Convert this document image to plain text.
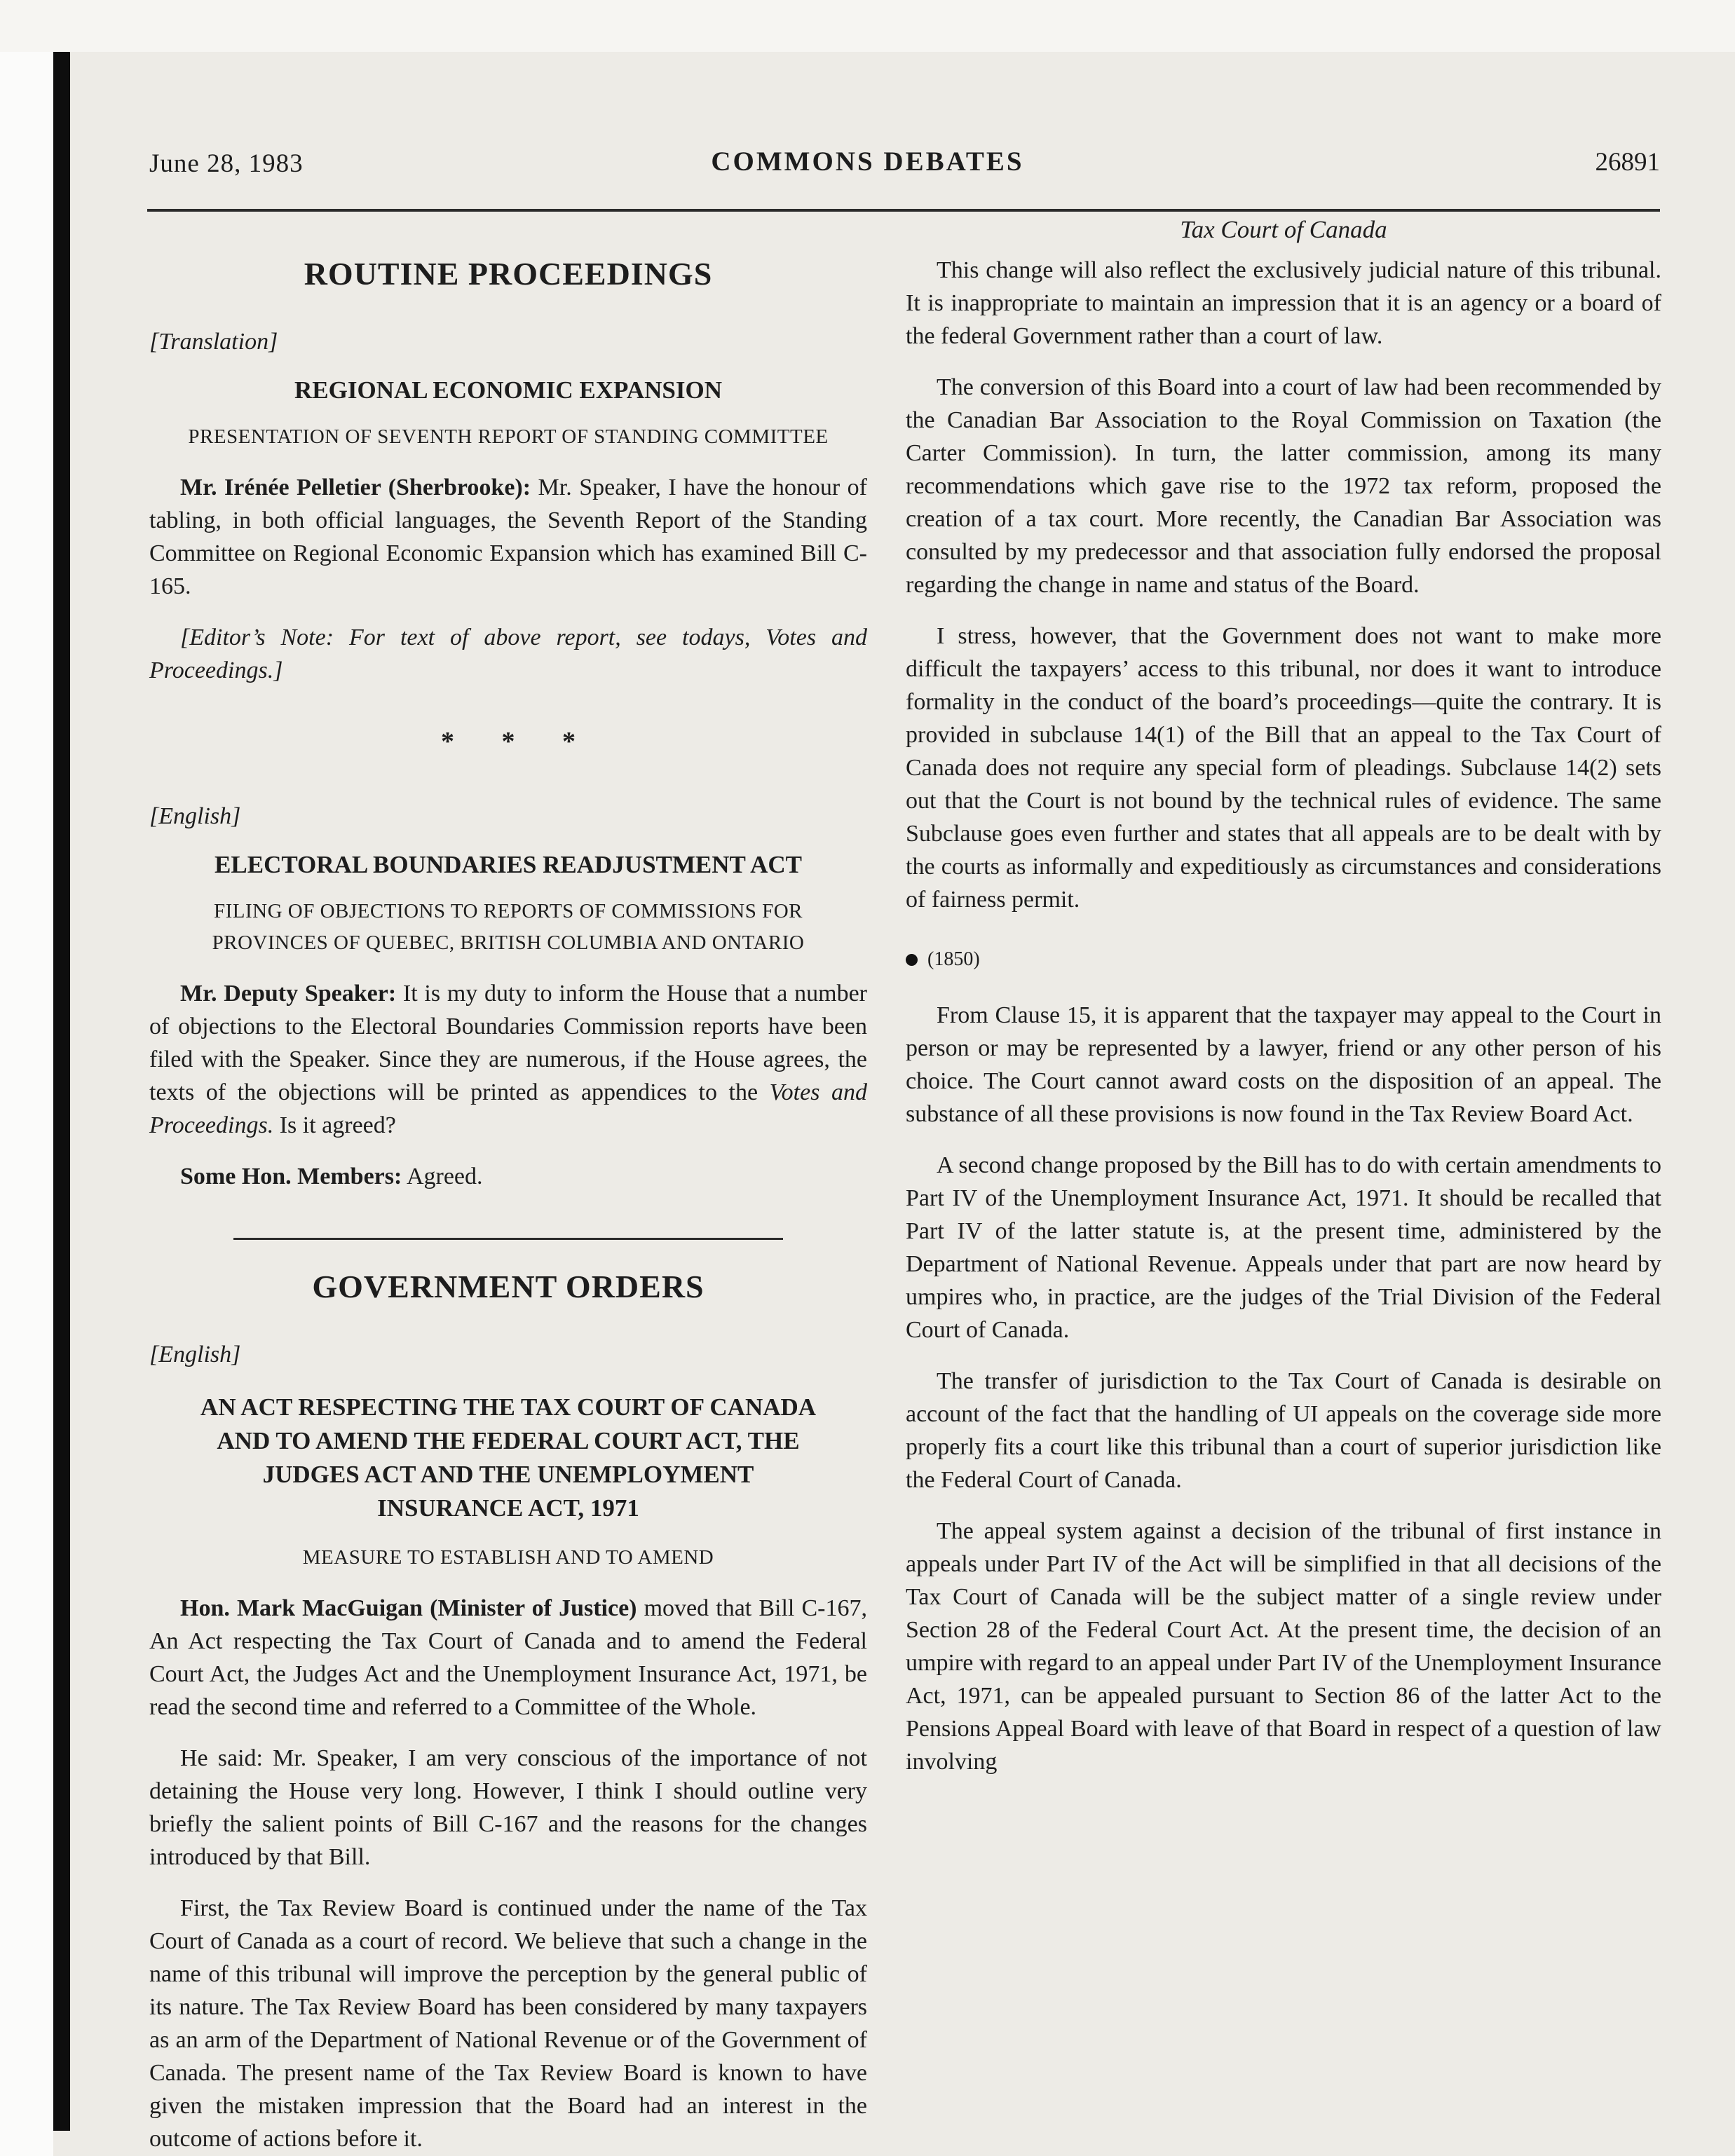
June 28, 1983	COMMONS DEBATES	26891
ROUTINE PROCEEDINGS
[Translation]
REGIONAL ECONOMIC EXPANSION
PRESENTATION OF SEVENTH REPORT OF STANDING COMMITTEE

Mr. Irénée Pelletier (Sherbrooke): Mr. Speaker, I have the honour of tabling, in both official languages, the Seventh Report of the Standing Committee on Regional Economic Expansion which has examined Bill C-165.

[Editor’s Note: For text of above report, see todays, Votes and Proceedings.]

* * *
[English]
ELECTORAL BOUNDARIES READJUSTMENT ACT
FILING OF OBJECTIONS TO REPORTS OF COMMISSIONS FOR
PROVINCES OF QUEBEC, BRITISH COLUMBIA AND ONTARIO

Mr. Deputy Speaker: It is my duty to inform the House that a number of objections to the Electoral Boundaries Commission reports have been filed with the Speaker. Since they are numerous, if the House agrees, the texts of the objections will be printed as appendices to the Votes and Proceedings. Is it agreed?

Some Hon. Members: Agreed.

GOVERNMENT ORDERS
[English]
AN ACT RESPECTING THE TAX COURT OF CANADA
AND TO AMEND THE FEDERAL COURT ACT, THE
JUDGES ACT AND THE UNEMPLOYMENT
INSURANCE ACT, 1971
MEASURE TO ESTABLISH AND TO AMEND

Hon. Mark MacGuigan (Minister of Justice) moved that Bill C-167, An Act respecting the Tax Court of Canada and to amend the Federal Court Act, the Judges Act and the Unemployment Insurance Act, 1971, be read the second time and referred to a Committee of the Whole.

He said: Mr. Speaker, I am very conscious of the importance of not detaining the House very long. However, I think I should outline very briefly the salient points of Bill C-167 and the reasons for the changes introduced by that Bill.

First, the Tax Review Board is continued under the name of the Tax Court of Canada as a court of record. We believe that such a change in the name of this tribunal will improve the perception by the general public of its nature. The Tax Review Board has been considered by many taxpayers as an arm of the Department of National Revenue or of the Government of Canada. The present name of the Tax Review Board is known to have given the mistaken impression that the Board had an interest in the outcome of actions before it.

Tax Court of Canada

This change will also reflect the exclusively judicial nature of this tribunal. It is inappropriate to maintain an impression that it is an agency or a board of the federal Government rather than a court of law.

The conversion of this Board into a court of law had been recommended by the Canadian Bar Association to the Royal Commission on Taxation (the Carter Commission). In turn, the latter commission, among its many recommendations which gave rise to the 1972 tax reform, proposed the creation of a tax court. More recently, the Canadian Bar Association was consulted by my predecessor and that association fully endorsed the proposal regarding the change in name and status of the Board.

I stress, however, that the Government does not want to make more difficult the taxpayers’ access to this tribunal, nor does it want to introduce formality in the conduct of the board’s proceedings—quite the contrary. It is provided in subclause 14(1) of the Bill that an appeal to the Tax Court of Canada does not require any special form of pleadings. Subclause 14(2) sets out that the Court is not bound by the technical rules of evidence. The same Subclause goes even further and states that all appeals are to be dealt with by the courts as informally and expeditiously as circumstances and considerations of fairness permit.

(1850)

From Clause 15, it is apparent that the taxpayer may appeal to the Court in person or may be represented by a lawyer, friend or any other person of his choice. The Court cannot award costs on the disposition of an appeal. The substance of all these provisions is now found in the Tax Review Board Act.

A second change proposed by the Bill has to do with certain amendments to Part IV of the Unemployment Insurance Act, 1971. It should be recalled that Part IV of the latter statute is, at the present time, administered by the Department of National Revenue. Appeals under that part are now heard by umpires who, in practice, are the judges of the Trial Division of the Federal Court of Canada.

The transfer of jurisdiction to the Tax Court of Canada is desirable on account of the fact that the handling of UI appeals on the coverage side more properly fits a court like this tribunal than a court of superior jurisdiction like the Federal Court of Canada.

The appeal system against a decision of the tribunal of first instance in appeals under Part IV of the Act will be simplified in that all decisions of the Tax Court of Canada will be the subject matter of a single review under Section 28 of the Federal Court Act. At the present time, the decision of an umpire with regard to an appeal under Part IV of the Unemployment Insurance Act, 1971, can be appealed pursuant to Section 86 of the latter Act to the Pensions Appeal Board with leave of that Board in respect of a question of law involving
